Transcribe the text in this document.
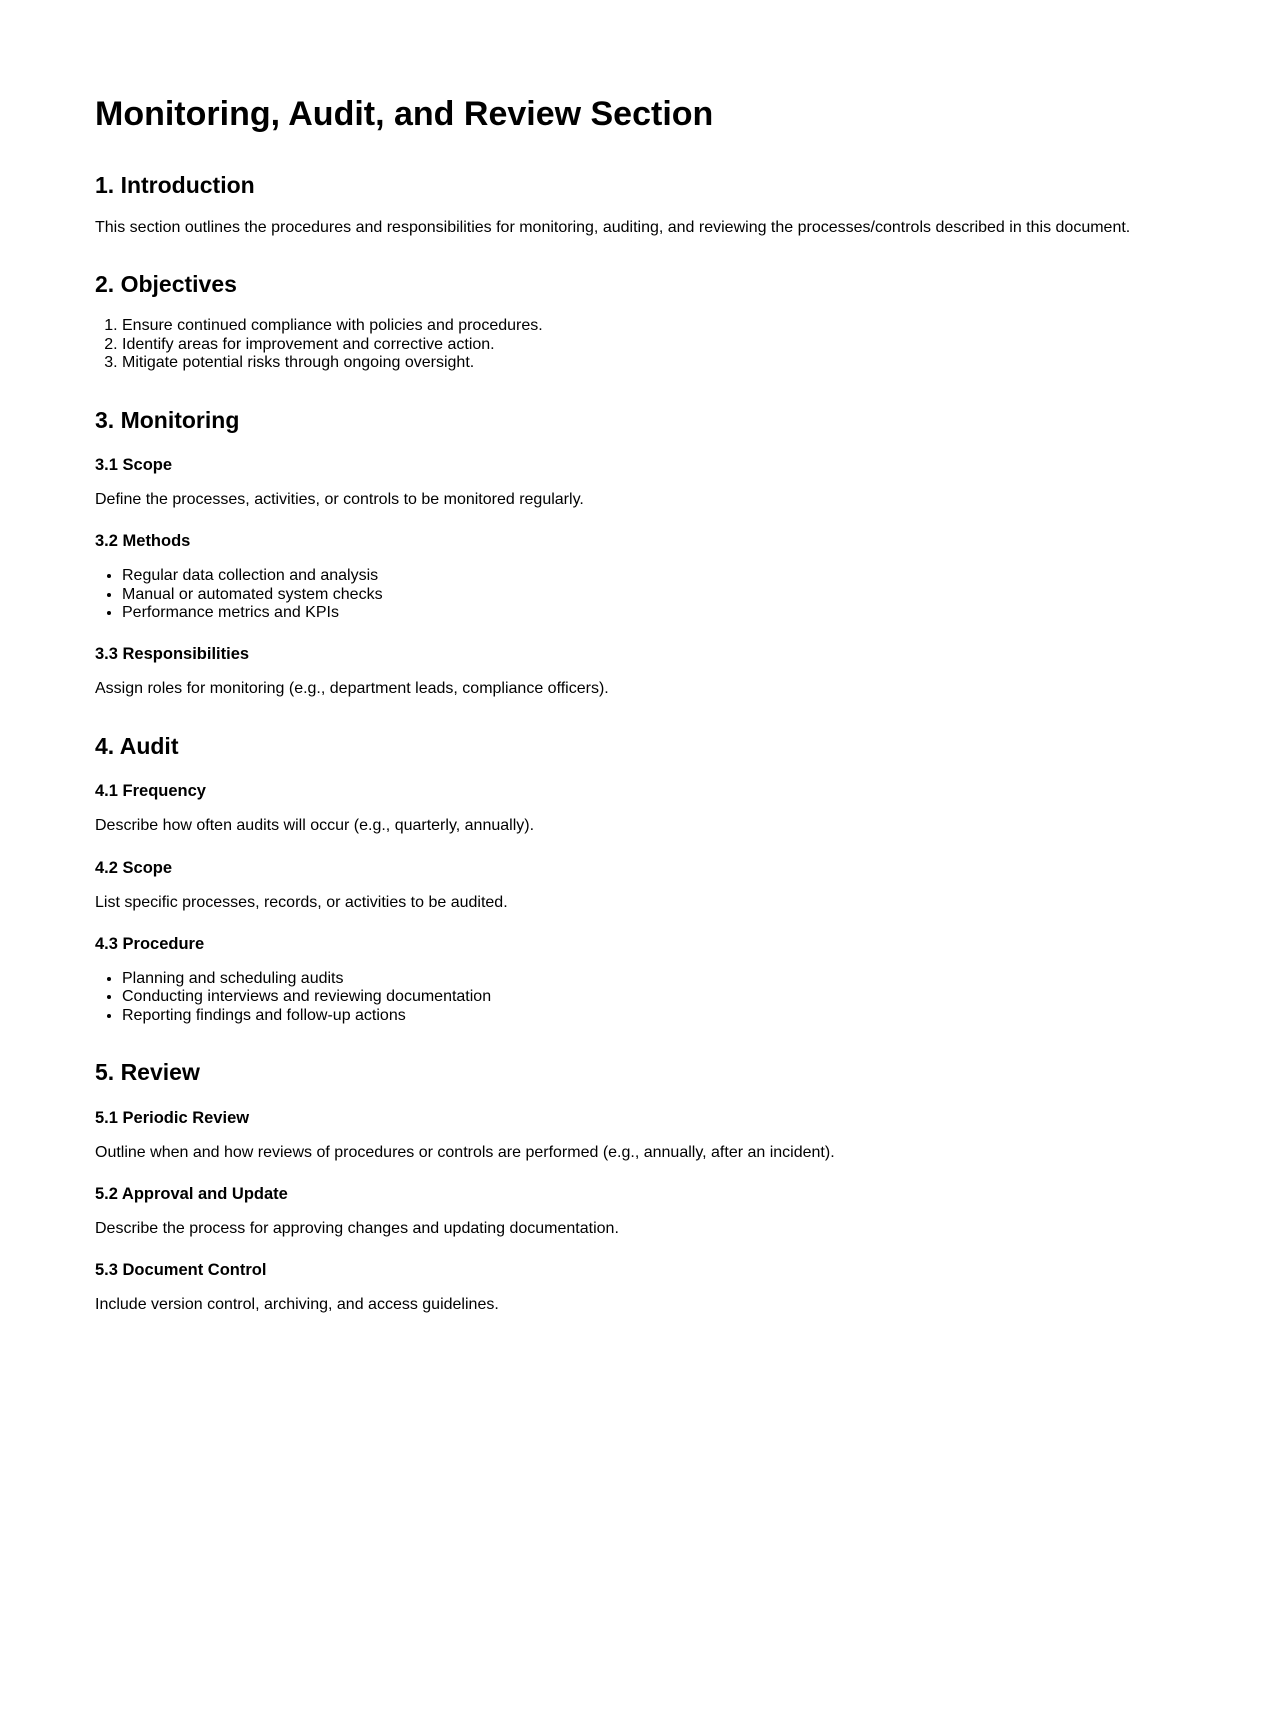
Monitoring, Audit, and Review Section
1. Introduction

This section outlines the procedures and responsibilities for monitoring, auditing, and reviewing the processes/controls described in this document.

2. Objectives
1. Ensure continued compliance with policies and procedures.
2. Identify areas for improvement and corrective action.
3. Mitigate potential risks through ongoing oversight.
3. Monitoring
3.1 Scope

Define the processes, activities, or controls to be monitored regularly.

3.2 Methods
• Regular data collection and analysis
• Manual or automated system checks
• Performance metrics and KPIs
3.3 Responsibilities

Assign roles for monitoring (e.g., department leads, compliance officers).

4. Audit
4.1 Frequency

Describe how often audits will occur (e.g., quarterly, annually).

4.2 Scope

List specific processes, records, or activities to be audited.

4.3 Procedure
• Planning and scheduling audits
• Conducting interviews and reviewing documentation
• Reporting findings and follow-up actions
5. Review
5.1 Periodic Review

Outline when and how reviews of procedures or controls are performed (e.g., annually, after an incident).

5.2 Approval and Update

Describe the process for approving changes and updating documentation.

5.3 Document Control

Include version control, archiving, and access guidelines.
